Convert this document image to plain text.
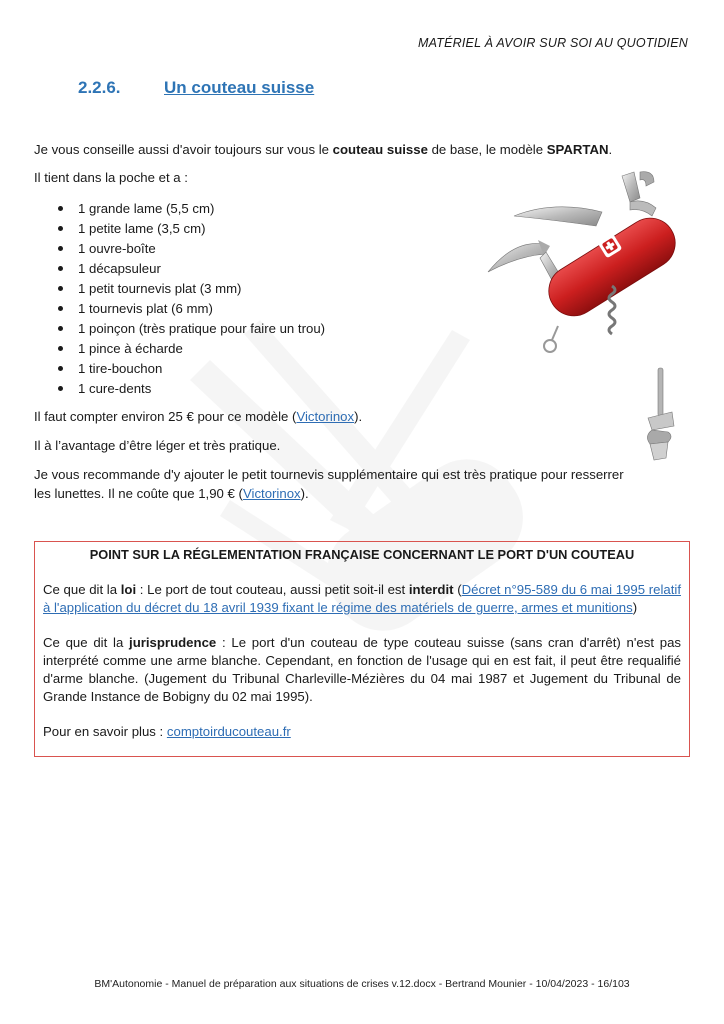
MATÉRIEL À AVOIR SUR SOI AU QUOTIDIEN
2.2.6.	Un couteau suisse

Je vous conseille aussi d'avoir toujours sur vous le couteau suisse de base, le modèle SPARTAN.

Il tient dans la poche et a :

1 grande lame (5,5 cm)
1 petite lame (3,5 cm)
1 ouvre-boîte
1 décapsuleur
1 petit tournevis plat (3 mm)
1 tournevis plat (6 mm)
1 poinçon (très pratique pour faire un trou)
1 pince à écharde
1 tire-bouchon
1 cure-dents

Il faut compter environ 25 € pour ce modèle (Victorinox).

Il à l’avantage d’être léger et très pratique.

Je vous recommande d'y ajouter le petit tournevis supplémentaire qui est très pratique pour resserrer

les lunettes. Il ne coûte que 1,90 € (Victorinox).

POINT SUR LA RÉGLEMENTATION FRANÇAISE CONCERNANT LE PORT D'UN COUTEAU

Ce que dit la loi : Le port de tout couteau, aussi petit soit-il est interdit (Décret n°95-589 du 6 mai 1995 relatif à l'application du décret du 18 avril 1939 fixant le régime des matériels de guerre, armes et munitions)

Ce que dit la jurisprudence : Le port d'un couteau de type couteau suisse (sans cran d'arrêt) n'est pas interprété comme une arme blanche. Cependant, en fonction de l'usage qui en est fait, il peut être requalifié d'arme blanche. (Jugement du Tribunal Charleville-Mézières du 04 mai 1987 et Jugement du Tribunal de Grande Instance de Bobigny du 02 mai 1995).

Pour en savoir plus : comptoirducouteau.fr

BM'Autonomie - Manuel de préparation aux situations de crises v.12.docx - Bertrand Mounier - 10/04/2023 - 16/103
